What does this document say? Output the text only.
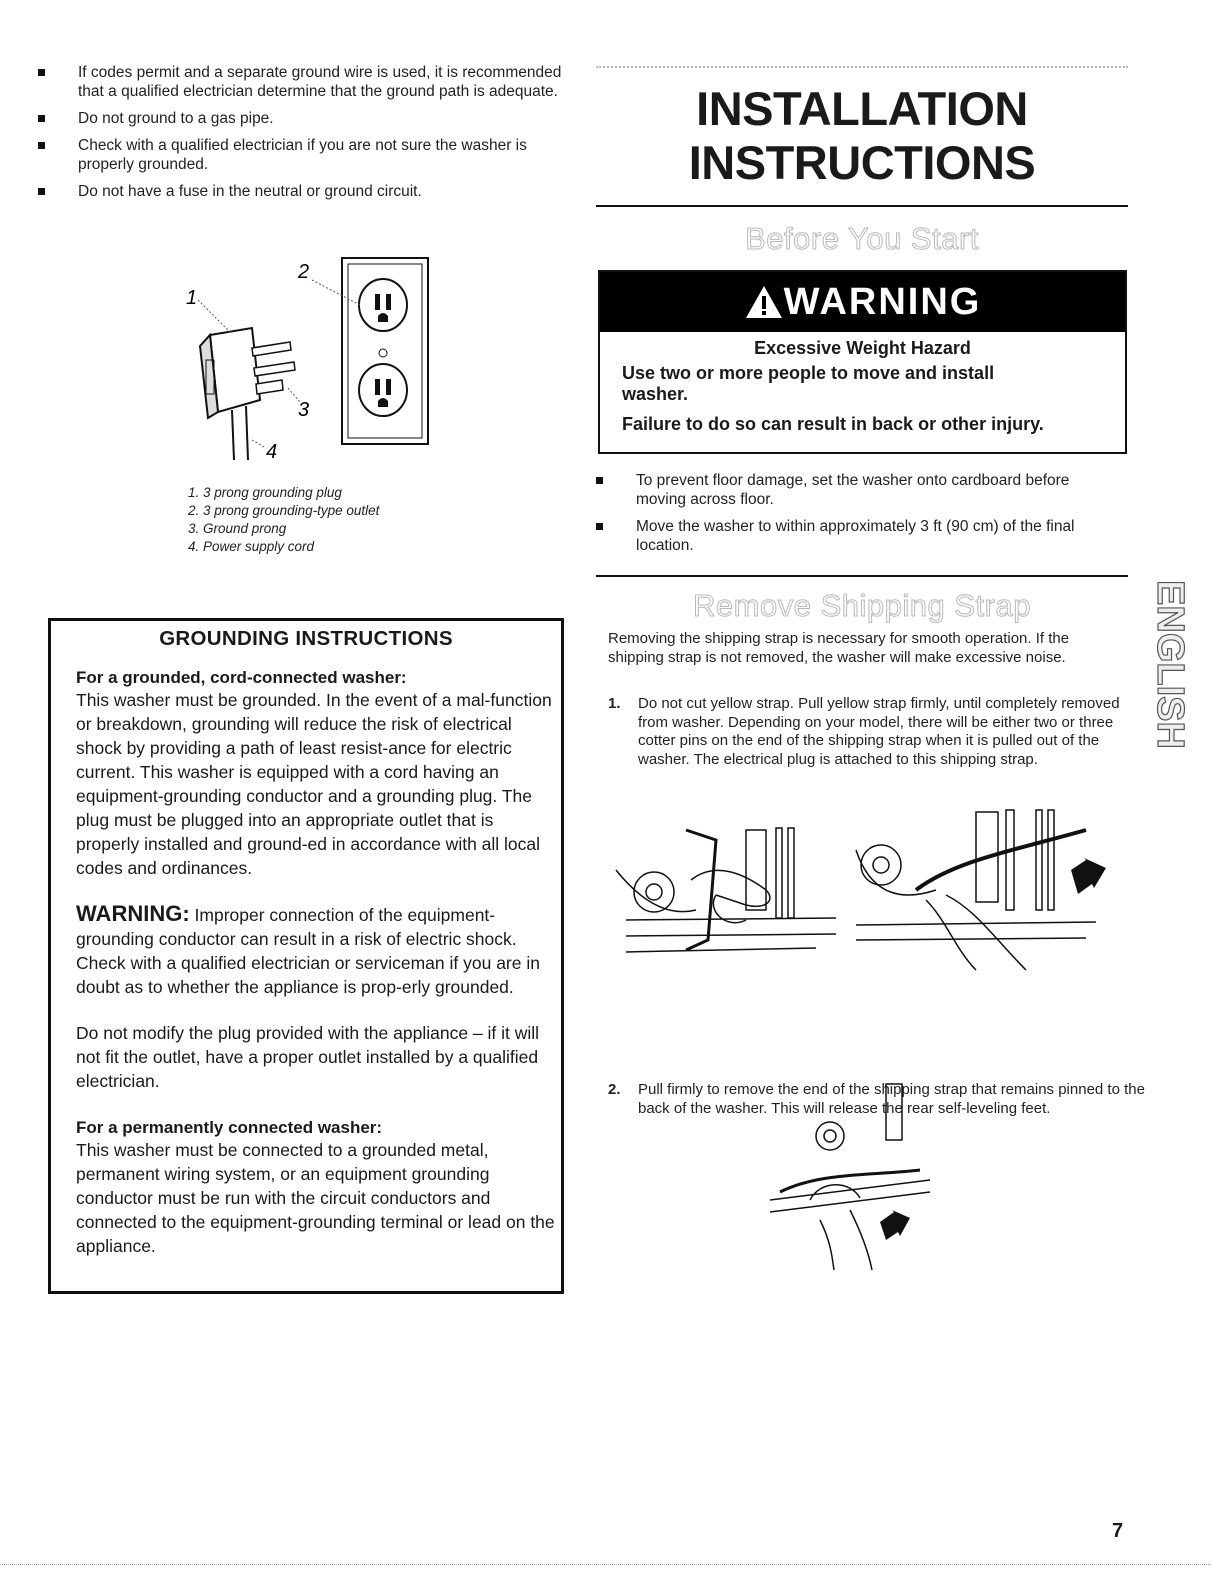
If codes permit and a separate ground wire is used, it is recommended that a qualified electrician determine that the ground path is adequate.
Do not ground to a gas pipe.
Check with a qualified electrician if you are not sure the washer is properly grounded.
Do not have a fuse in the neutral or ground circuit.
1
2
3
4
1. 3 prong grounding plug
2. 3 prong grounding-type outlet
3. Ground prong
4. Power supply cord
GROUNDING INSTRUCTIONS
For a grounded, cord-connected washer:
This washer must be grounded. In the event of a mal-function or breakdown, grounding will reduce the risk of electrical shock by providing a path of least resist-ance for electric current. This washer is equipped with a cord having an equipment-grounding conductor and a grounding plug. The plug must be plugged into an appropriate outlet that is properly installed and ground-ed in accordance with all local codes and ordinances.
WARNING: Improper connection of the equipment-grounding conductor can result in a risk of electric shock. Check with a qualified electrician or serviceman if you are in doubt as to whether the appliance is prop-erly grounded.
Do not modify the plug provided with the appliance – if it will not fit the outlet, have a proper outlet installed by a qualified electrician.
For a permanently connected washer:
This washer must be connected to a grounded metal, permanent wiring system, or an equipment grounding conductor must be run with the circuit conductors and connected to the equipment-grounding terminal or lead on the appliance.
INSTALLATION
INSTRUCTIONS
Before You Start
WARNING
Excessive Weight Hazard
Use two or more people to move and install washer.
Failure to do so can result in back or other injury.
To prevent floor damage, set the washer onto cardboard before moving across floor.
Move the washer to within approximately 3 ft (90 cm) of the final location.
Remove Shipping Strap
Removing the shipping strap is necessary for smooth operation. If the shipping strap is not removed, the washer will make excessive noise.
1. Do not cut yellow strap. Pull yellow strap firmly, until completely removed from washer. Depending on your model, there will be either two or three cotter pins on the end of the shipping strap when it is pulled out of the washer. The electrical plug is attached to this shipping strap.
2. Pull firmly to remove the end of the shipping strap that remains pinned to the back of the washer. This will release the rear self-leveling feet.
ENGLISH
7
